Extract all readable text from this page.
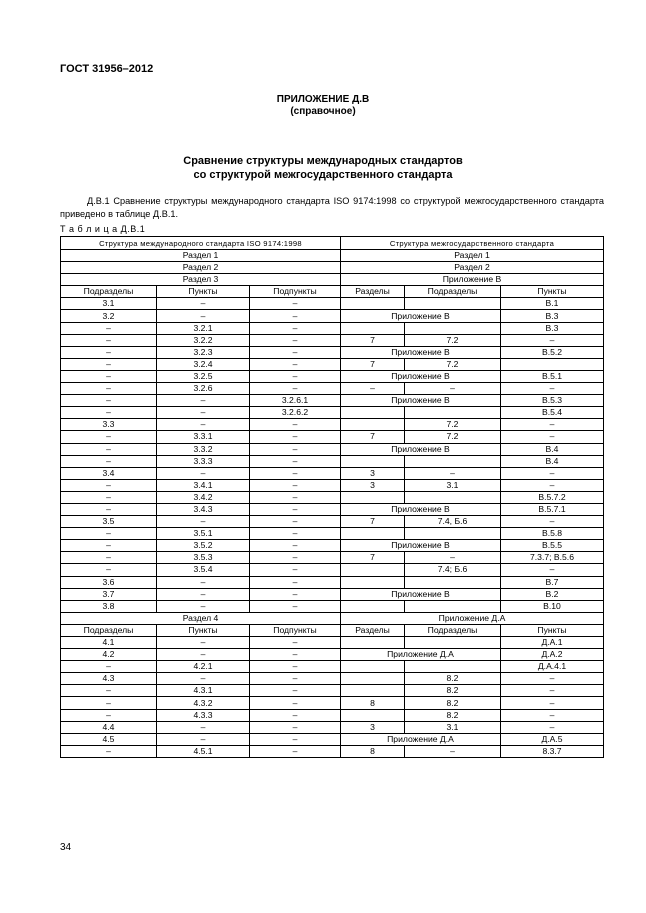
ГОСТ 31956–2012
ПРИЛОЖЕНИЕ Д.В
(справочное)
Сравнение структуры международных стандартов
со структурой межгосударственного стандарта
Д.В.1 Сравнение структуры международного стандарта ISO 9174:1998 со структурой межгосударственного стандарта приведено в таблице Д.В.1.
Т а б л и ц а Д.В.1
Структура международного стандарта ISO 9174:1998			Структура межгосударственного стандарта		
Раздел 1			Раздел 1		
Раздел 2			Раздел 2		
Раздел 3			Приложение В		
Подразделы	Пункты	Подпункты	Разделы	Подразделы	Пункты
3.1	–	–			В.1
3.2	–	–	Приложение В		В.3
–	3.2.1	–			В.3
–	3.2.2	–	7	7.2	–
–	3.2.3	–	Приложение В		В.5.2
–	3.2.4	–	7	7.2	
–	3.2.5	–	Приложение В		В.5.1
–	3.2.6	–	–	–	–
–	–	3.2.6.1	Приложение В		В.5.3
–	–	3.2.6.2			В.5.4
3.3	–	–		7.2	–
–	3.3.1	–	7	7.2	–
–	3.3.2	–	Приложение В		В.4
–	3.3.3	–			В.4
3.4	–	–	3	–	–
–	3.4.1	–	3	3.1	–
–	3.4.2	–			В.5.7.2
–	3.4.3	–	Приложение В		В.5.7.1
3.5	–	–	7	7.4, Б.6	–
–	3.5.1	–			В.5.8
–	3.5.2	–	Приложение В		В.5.5
–	3.5.3	–	7	–	7.3.7; В.5.6
–	3.5.4	–		7.4; Б.6	–
3.6	–	–			В.7
3.7	–	–	Приложение В		В.2
3.8	–	–			В.10
Раздел 4			Приложение Д.А		
Подразделы	Пункты	Подпункты	Разделы	Подразделы	Пункты
4.1	–	–			Д.А.1
4.2	–	–	Приложение Д.А		Д.А.2
–	4.2.1	–			Д.А.4.1
4.3	–	–		8.2	–
–	4.3.1	–		8.2	–
–	4.3.2	–	8	8.2	–
–	4.3.3	–		8.2	–
4.4	–	–	3	3.1	–
4.5	–	–	Приложение Д.А		Д.А.5
–	4.5.1	–	8	–	8.3.7
34
